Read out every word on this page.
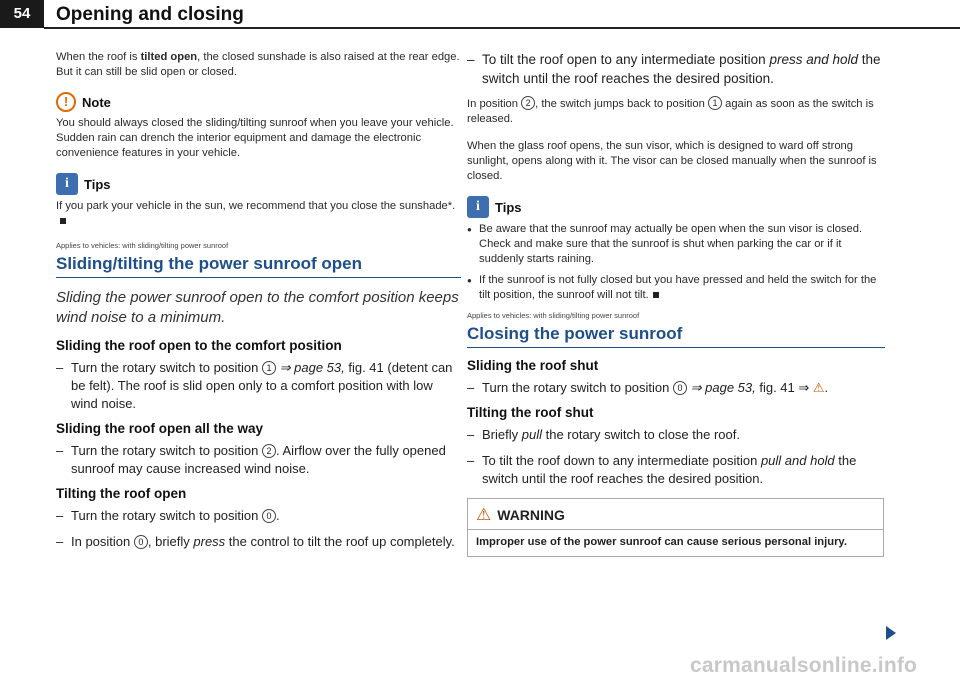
54	Opening and closing

When the roof is tilted open, the closed sunshade is also raised at the rear edge. But it can still be slid open or closed.

!	Note

You should always closed the sliding/tilting sunroof when you leave your vehicle. Sudden rain can drench the interior equipment and damage the electronic convenience features in your vehicle.

i	Tips

If you park your vehicle in the sun, we recommend that you close the sunshade*.

Applies to vehicles: with sliding/tilting power sunroof
Sliding/tilting the power sunroof open
Sliding the power sunroof open to the comfort position keeps wind noise to a minimum.
Sliding the roof open to the comfort position
– Turn the rotary switch to position 1 ⇒ page 53, fig. 41 (detent can be felt). The roof is slid open only to a comfort position with low wind noise.
Sliding the roof open all the way
– Turn the rotary switch to position 2 . Airflow over the fully opened sunroof may cause increased wind noise.
Tilting the roof open
– Turn the rotary switch to position 0 .
– In position 0 , briefly press the control to tilt the roof up completely.
– To tilt the roof open to any intermediate position press and hold the switch until the roof reaches the desired position.

In position 2 , the switch jumps back to position 1 again as soon as the switch is released.

When the glass roof opens, the sun visor, which is designed to ward off strong sunlight, opens along with it. The visor can be closed manually when the sunroof is closed.

i	Tips
● Be aware that the sunroof may actually be open when the sun visor is closed. Check and make sure that the sunroof is shut when parking the car or if it suddenly starts raining.
● If the sunroof is not fully closed but you have pressed and held the switch for the tilt position, the sunroof will not tilt.
Applies to vehicles: with sliding/tilting power sunroof
Closing the power sunroof
Sliding the roof shut
– Turn the rotary switch to position 0 ⇒ page 53, fig. 41 ⇒ ⚠.
Tilting the roof shut
– Briefly pull the rotary switch to close the roof.
– To tilt the roof down to any intermediate position pull and hold the switch until the roof reaches the desired position.
⚠ WARNING
Improper use of the power sunroof can cause serious personal injury.
carmanualsonline.info
